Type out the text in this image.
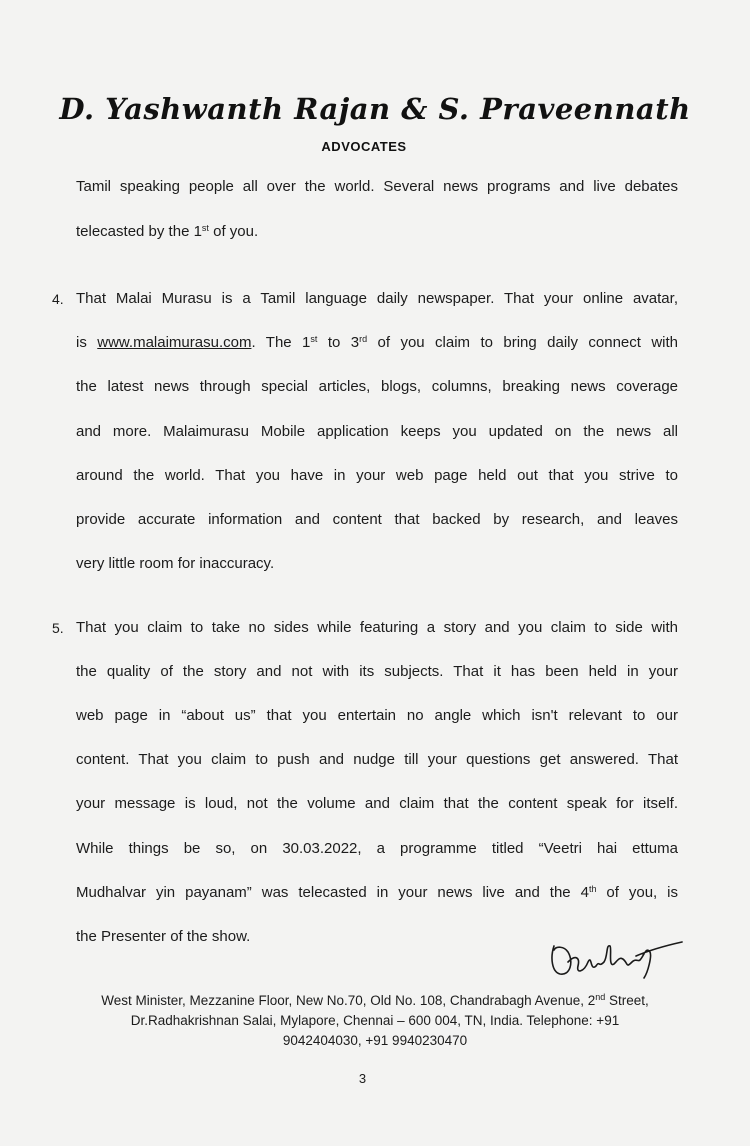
D. Yashwanth Rajan & S. Praveennath
ADVOCATES
Tamil speaking people all over the world. Several news programs and live debates
telecasted by the 1st of you.
4. That Malai Murasu is a Tamil language daily newspaper. That your online avatar,
is www.malaimurasu.com. The 1st to 3rd of you claim to bring daily connect with
the latest news through special articles, blogs, columns, breaking news coverage
and more. Malaimurasu Mobile application keeps you updated on the news all
around the world. That you have in your web page held out that you strive to
provide accurate information and content that backed by research, and leaves
very little room for inaccuracy.
5. That you claim to take no sides while featuring a story and you claim to side with
the quality of the story and not with its subjects. That it has been held in your
web page in “about us” that you entertain no angle which isn't relevant to our
content. That you claim to push and nudge till your questions get answered. That
your message is loud, not the volume and claim that the content speak for itself.
While things be so, on 30.03.2022, a programme titled “Veetri hai ettuma
Mudhalvar yin payanam” was telecasted in your news live and the 4th of you, is
the Presenter of the show.
West Minister, Mezzanine Floor, New No.70, Old No. 108, Chandrabagh Avenue, 2nd Street,
Dr.Radhakrishnan Salai, Mylapore, Chennai – 600 004, TN, India. Telephone: +91
9042404030, +91 9940230470
3
